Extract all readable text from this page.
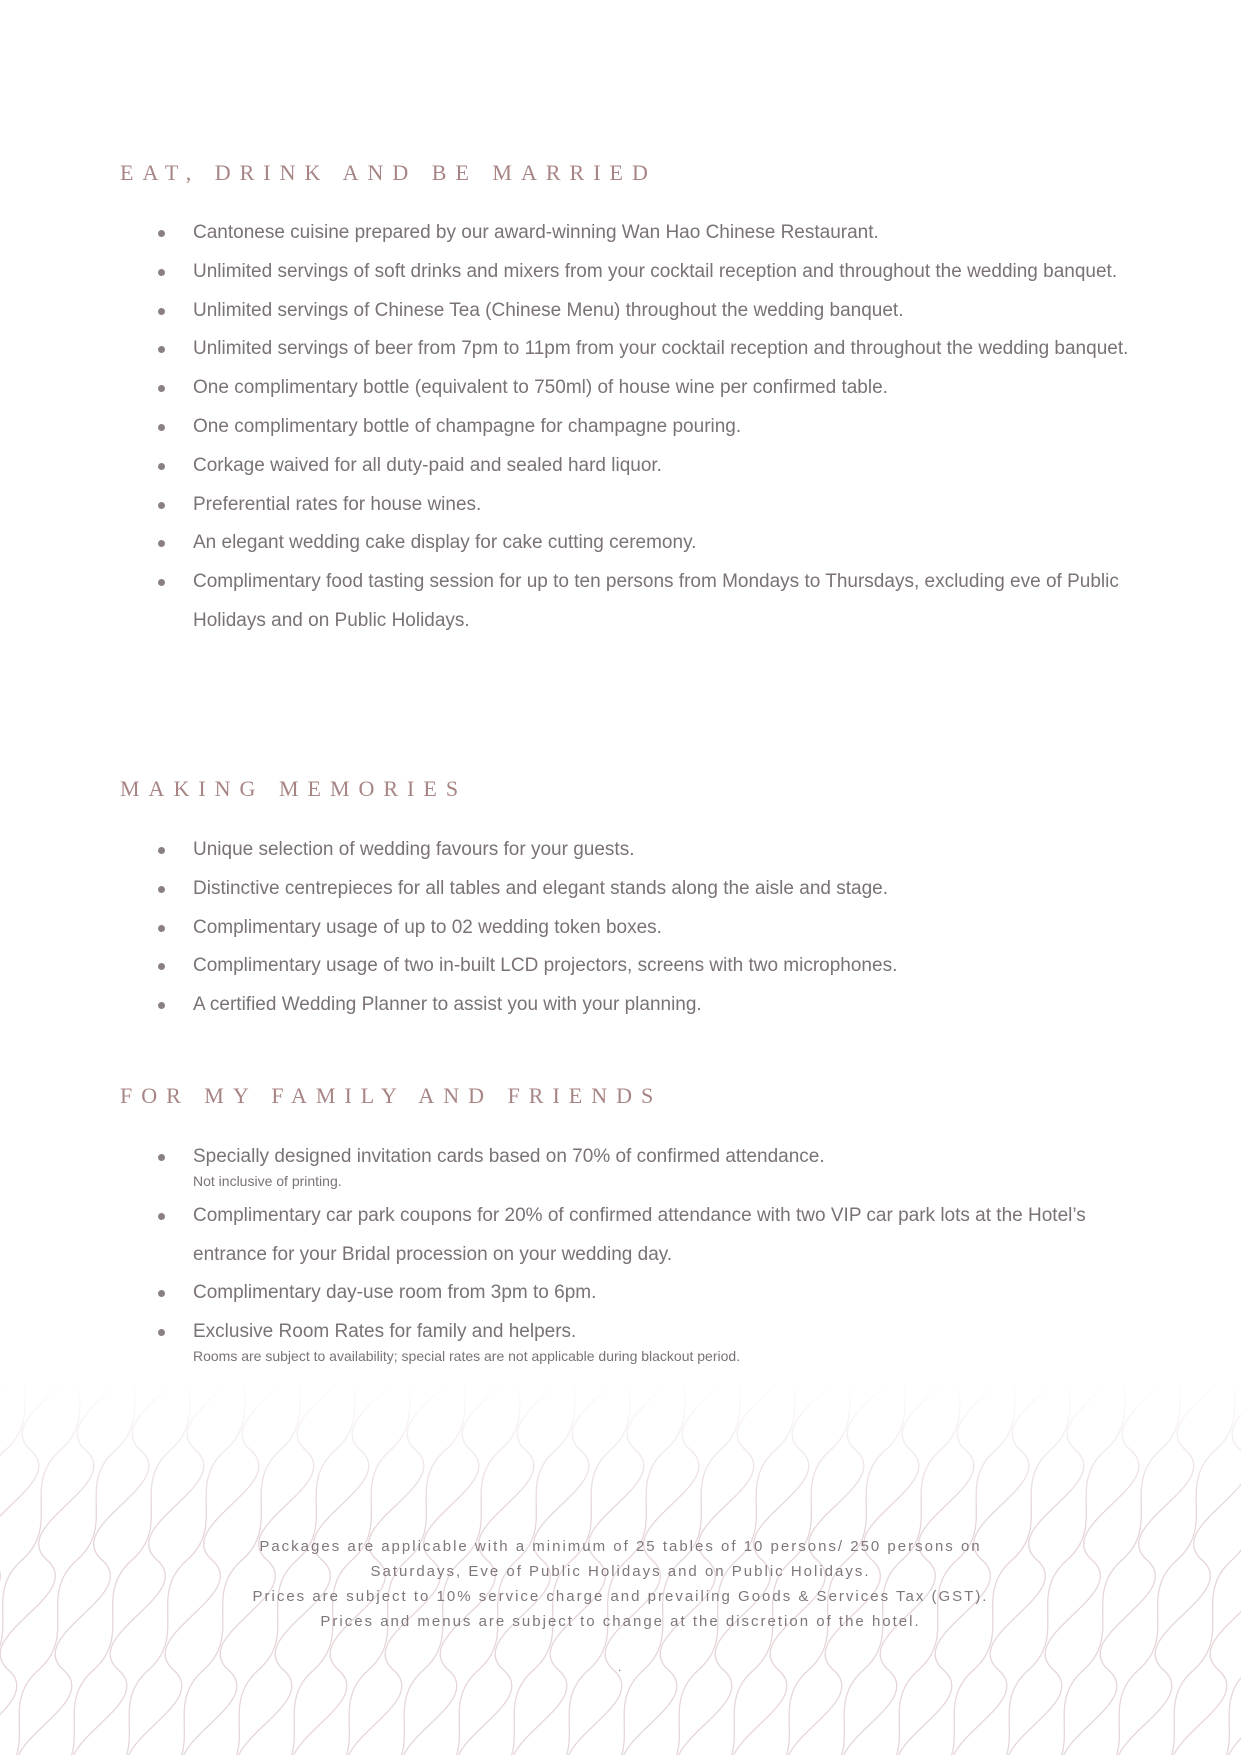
EAT, DRINK AND BE MARRIED
Cantonese cuisine prepared by our award-winning Wan Hao Chinese Restaurant.
Unlimited servings of soft drinks and mixers from your cocktail reception and throughout the wedding banquet.
Unlimited servings of Chinese Tea (Chinese Menu) throughout the wedding banquet.
Unlimited servings of beer from 7pm to 11pm from your cocktail reception and throughout the wedding banquet.
One complimentary bottle (equivalent to 750ml) of house wine per confirmed table.
One complimentary bottle of champagne for champagne pouring.
Corkage waived for all duty-paid and sealed hard liquor.
Preferential rates for house wines.
An elegant wedding cake display for cake cutting ceremony.
Complimentary food tasting session for up to ten persons from Mondays to Thursdays, excluding eve of Public Holidays and on Public Holidays.
MAKING MEMORIES
Unique selection of wedding favours for your guests.
Distinctive centrepieces for all tables and elegant stands along the aisle and stage.
Complimentary usage of up to 02 wedding token boxes.
Complimentary usage of two in-built LCD projectors, screens with two microphones.
A certified Wedding Planner to assist you with your planning.
FOR MY FAMILY AND FRIENDS
Specially designed invitation cards based on 70% of confirmed attendance.
Not inclusive of printing.
Complimentary car park coupons for 20% of confirmed attendance with two VIP car park lots at the Hotel’s entrance for your Bridal procession on your wedding day.
Complimentary day-use room from 3pm to 6pm.
Exclusive Room Rates for family and helpers.
Rooms are subject to availability; special rates are not applicable during blackout period.
Packages are applicable with a minimum of 25 tables of 10 persons/ 250 persons on
Saturdays, Eve of Public Holidays and on Public Holidays.
Prices are subject to 10% service charge and prevailing Goods & Services Tax (GST).
Prices and menus are subject to change at the discretion of the hotel.
.
